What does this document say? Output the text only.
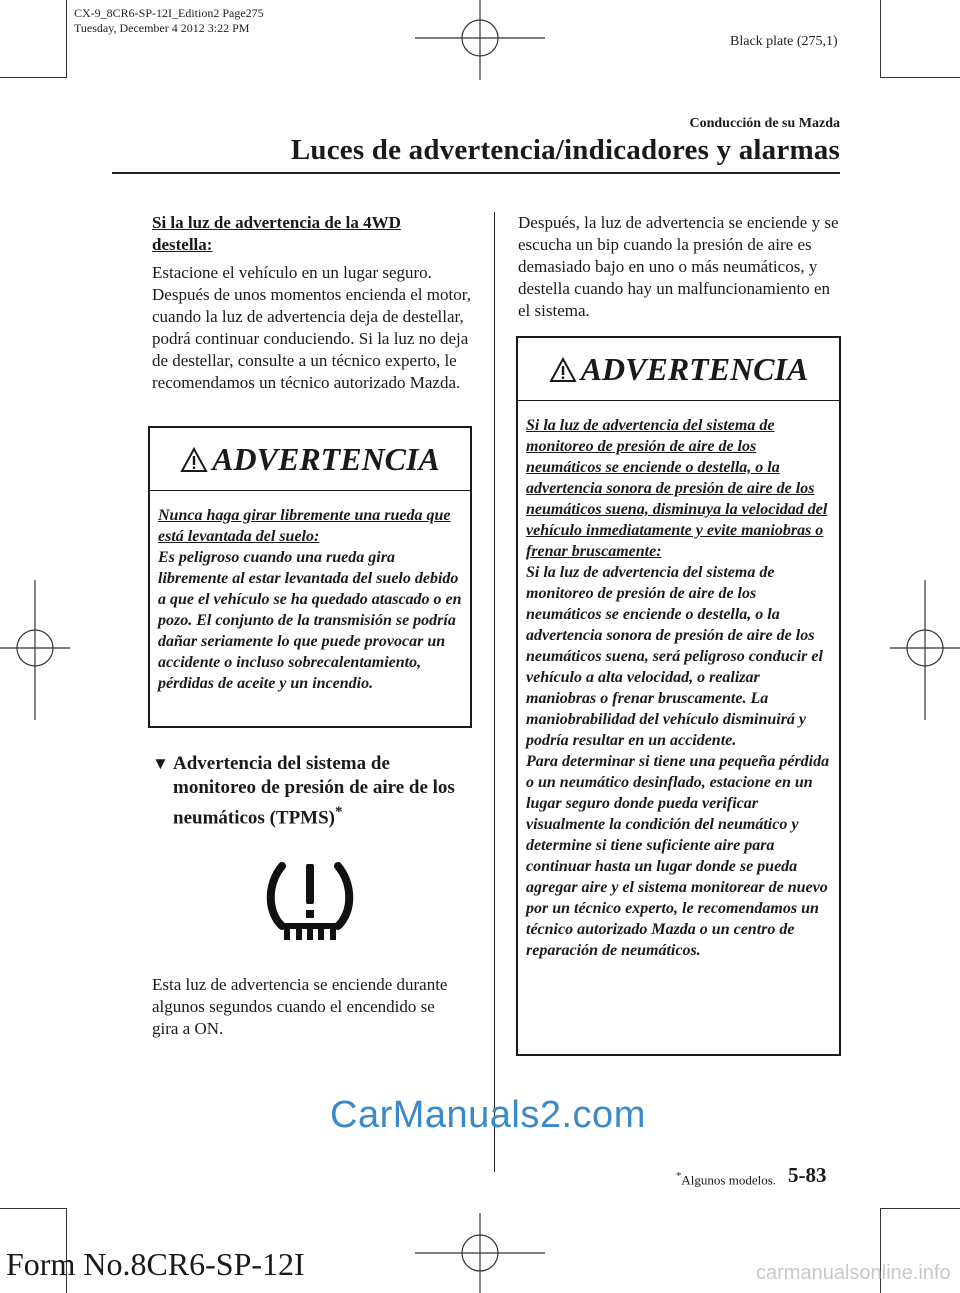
CX-9_8CR6-SP-12I_Edition2 Page275
Tuesday, December 4 2012 3:22 PM
Black plate (275,1)
Conducción de su Mazda
Luces de advertencia/indicadores y alarmas
Si la luz de advertencia de la 4WD destella:
Estacione el vehículo en un lugar seguro. Después de unos momentos encienda el motor, cuando la luz de advertencia deja de destellar, podrá continuar conduciendo. Si la luz no deja de destellar, consulte a un técnico experto, le recomendamos un técnico autorizado Mazda.
ADVERTENCIA
Nunca haga girar libremente una rueda que está levantada del suelo:
Es peligroso cuando una rueda gira libremente al estar levantada del suelo debido a que el vehículo se ha quedado atascado o en pozo. El conjunto de la transmisión se podría dañar seriamente lo que puede provocar un accidente o incluso sobrecalentamiento, pérdidas de aceite y un incendio.
▼ Advertencia del sistema de monitoreo de presión de aire de los neumáticos (TPMS)*
Esta luz de advertencia se enciende durante algunos segundos cuando el encendido se gira a ON.
Después, la luz de advertencia se enciende y se escucha un bip cuando la presión de aire es demasiado bajo en uno o más neumáticos, y destella cuando hay un malfuncionamiento en el sistema.
ADVERTENCIA
Si la luz de advertencia del sistema de monitoreo de presión de aire de los neumáticos se enciende o destella, o la advertencia sonora de presión de aire de los neumáticos suena, disminuya la velocidad del vehículo inmediatamente y evite maniobras o frenar bruscamente:
Si la luz de advertencia del sistema de monitoreo de presión de aire de los neumáticos se enciende o destella, o la advertencia sonora de presión de aire de los neumáticos suena, será peligroso conducir el vehículo a alta velocidad, o realizar maniobras o frenar bruscamente. La maniobrabilidad del vehículo disminuirá y podría resultar en un accidente.
Para determinar si tiene una pequeña pérdida o un neumático desinflado, estacione en un lugar seguro donde pueda verificar visualmente la condición del neumático y determine si tiene suficiente aire para continuar hasta un lugar donde se pueda agregar aire y el sistema monitorear de nuevo por un técnico experto, le recomendamos un técnico autorizado Mazda o un centro de reparación de neumáticos.
CarManuals2.com
*Algunos modelos. 5-83
Form No.8CR6-SP-12I	carmanualsonline.info
